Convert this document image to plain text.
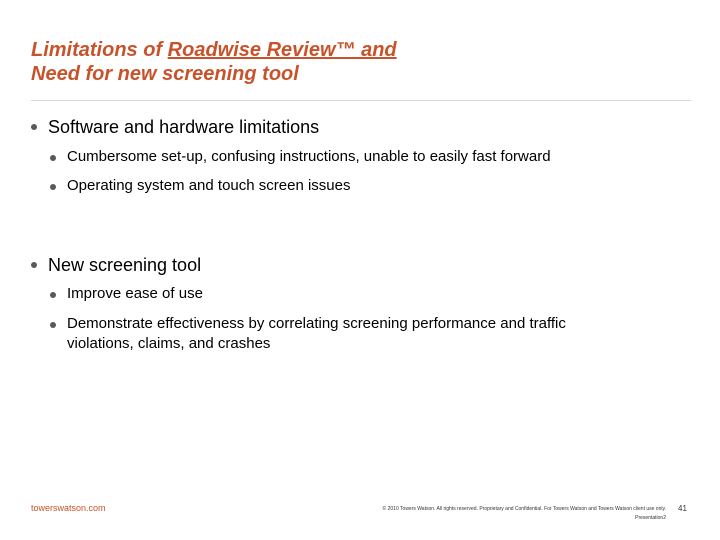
Limitations of Roadwise Review™ and
Need for new screening tool
Software and hardware limitations
Cumbersome set-up, confusing instructions, unable to easily fast forward
Operating system and touch screen issues
New screening tool
Improve ease of use
Demonstrate effectiveness by correlating screening performance and traffic violations, claims, and crashes
towerswatson.com	© 2010 Towers Watson. All rights reserved. Proprietary and Confidential. For Towers Watson and Towers Watson client use only.
Presentation2
41
